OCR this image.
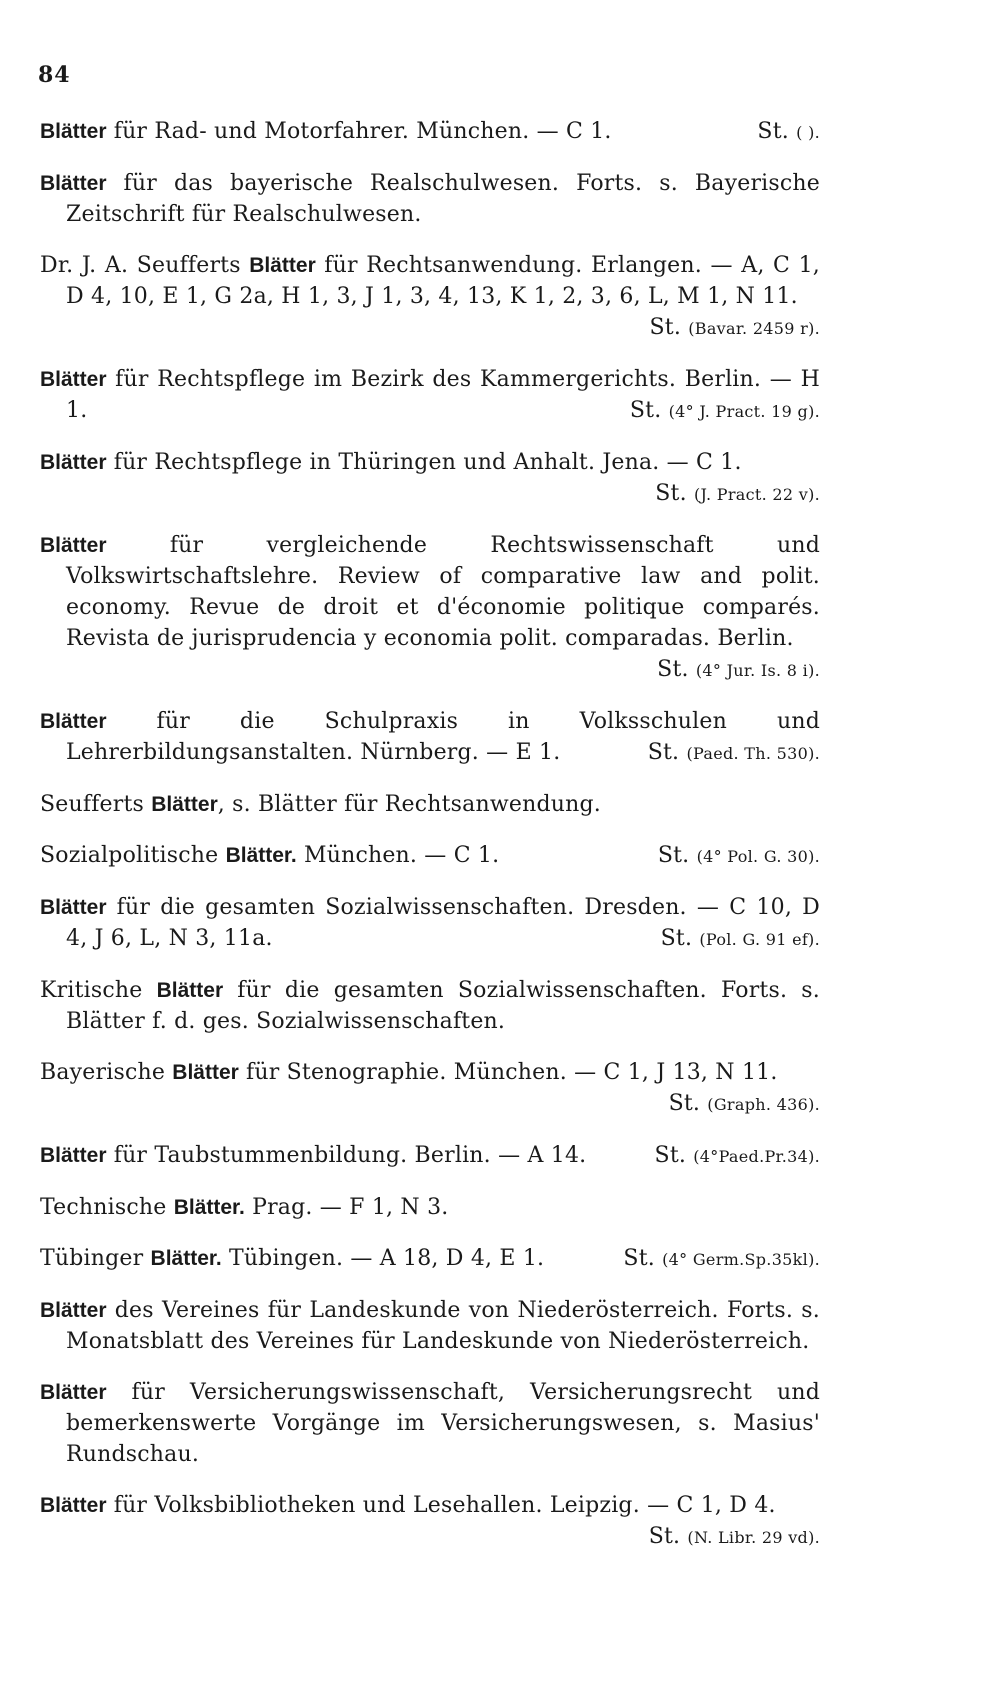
84
Blätter für Rad- und Motorfahrer. München. — C 1.	St. ( ).
Blätter für das bayerische Realschulwesen. Forts. s. Bayerische Zeitschrift für Realschulwesen.
Dr. J. A. Seufferts Blätter für Rechtsanwendung. Erlangen. — A, C 1, D 4, 10, E 1, G 2a, H 1, 3, J 1, 3, 4, 13, K 1, 2, 3, 6, L, M 1, N 11.
St. (Bavar. 2459 r).
Blätter für Rechtspflege im Bezirk des Kammergerichts. Berlin. — H 1.	St. (4° J. Pract. 19 g).
Blätter für Rechtspflege in Thüringen und Anhalt. Jena. — C 1.
St. (J. Pract. 22 v).
Blätter für vergleichende Rechtswissenschaft und Volkswirtschaftslehre. Review of comparative law and polit. economy. Revue de droit et d'économie politique comparés. Revista de jurisprudencia y economia polit. comparadas. Berlin.
St. (4° Jur. Is. 8 i).
Blätter für die Schulpraxis in Volksschulen und Lehrerbildungsanstalten. Nürnberg. — E 1.	St. (Paed. Th. 530).
Seufferts Blätter, s. Blätter für Rechtsanwendung.
Sozialpolitische Blätter. München. — C 1.	St. (4° Pol. G. 30).
Blätter für die gesamten Sozialwissenschaften. Dresden. — C 10, D 4, J 6, L, N 3, 11a.	St. (Pol. G. 91 ef).
Kritische Blätter für die gesamten Sozialwissenschaften. Forts. s. Blätter f. d. ges. Sozialwissenschaften.
Bayerische Blätter für Stenographie. München. — C 1, J 13, N 11.
St. (Graph. 436).
Blätter für Taubstummenbildung. Berlin. — A 14.	St. (4°Paed.Pr.34).
Technische Blätter. Prag. — F 1, N 3.
Tübinger Blätter. Tübingen. — A 18, D 4, E 1.	St. (4° Germ.Sp.35kl).
Blätter des Vereines für Landeskunde von Niederösterreich. Forts. s. Monatsblatt des Vereines für Landeskunde von Niederösterreich.
Blätter für Versicherungswissenschaft, Versicherungsrecht und bemerkenswerte Vorgänge im Versicherungswesen, s. Masius' Rundschau.
Blätter für Volksbibliotheken und Lesehallen. Leipzig. — C 1, D 4.
St. (N. Libr. 29 vd).
